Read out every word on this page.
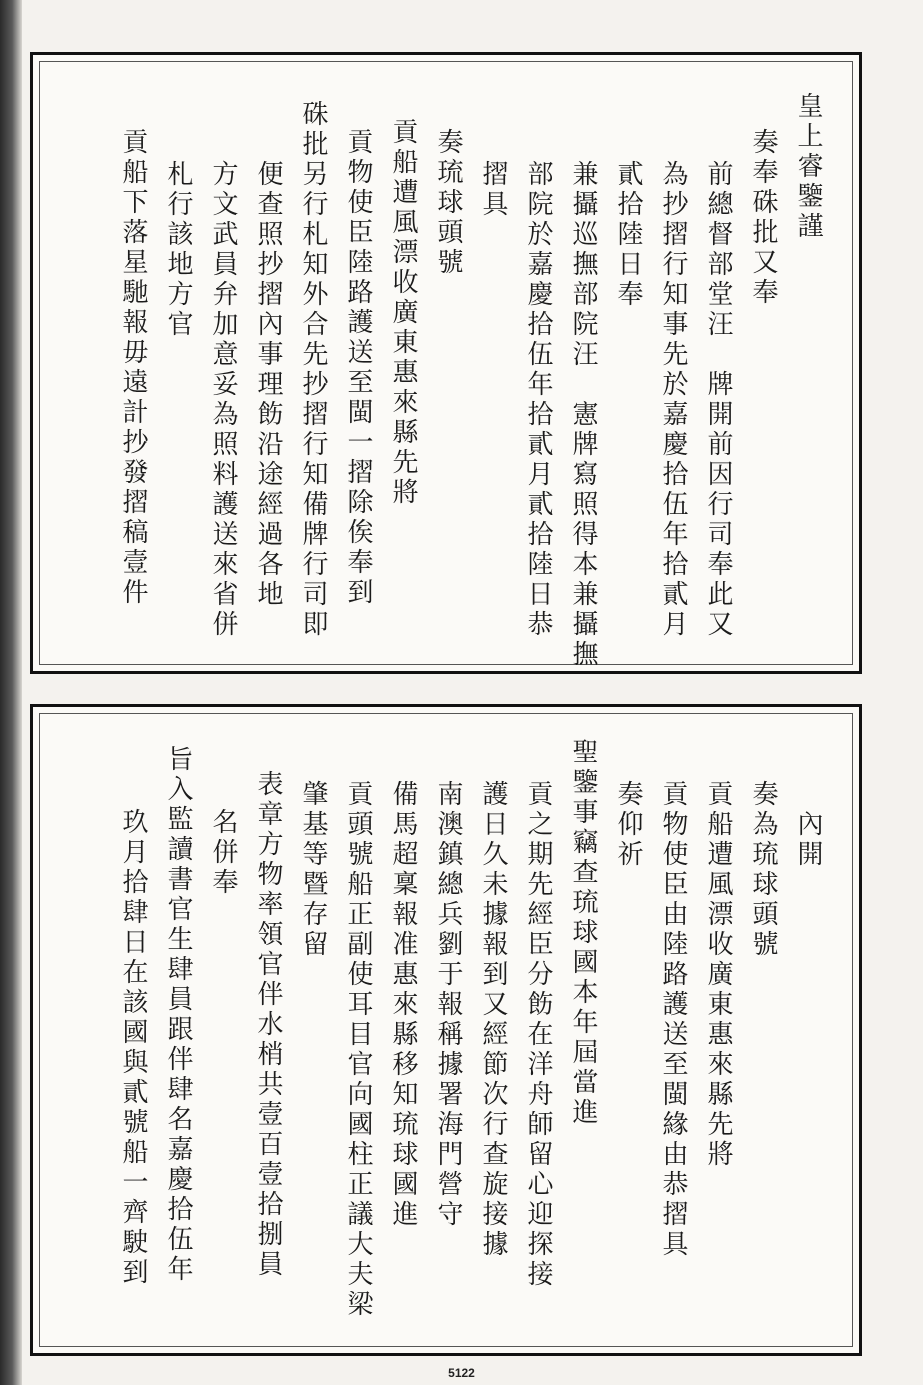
皇上睿鑒謹
奏奉硃批又奉
前總督部堂汪　牌開前因行司奉此又
為抄摺行知事先於嘉慶拾伍年拾貳月
貳拾陸日奉
兼攝巡撫部院汪　憲牌寫照得本兼攝撫
部院於嘉慶拾伍年拾貳月貳拾陸日恭
摺具
奏琉球頭號
貢船遭風漂收廣東惠來縣先將
貢物使臣陸路護送至閩一摺除俟奉到
硃批另行札知外合先抄摺行知備牌行司即
便查照抄摺內事理飭沿途經過各地
方文武員弁加意妥為照料護送來省併
札行該地方官
貢船下落星馳報毋遠計抄發摺稿壹件
內開
奏為琉球頭號
貢船遭風漂收廣東惠來縣先將
貢物使臣由陸路護送至閩緣由恭摺具
奏仰祈
聖鑒事竊查琉球國本年屆當進
貢之期先經臣分飭在洋舟師留心迎探接
護日久未據報到又經節次行查旋接據
南澳鎮總兵劉于報稱據署海門營守
備馬超稟報准惠來縣移知琉球國進
貢頭號船正副使耳目官向國柱正議大夫梁
肇基等暨存留
表章方物率領官伴水梢共壹百壹拾捌員
名併奉
旨入監讀書官生肆員跟伴肆名嘉慶拾伍年
玖月拾肆日在該國與貳號船一齊駛到
5122
